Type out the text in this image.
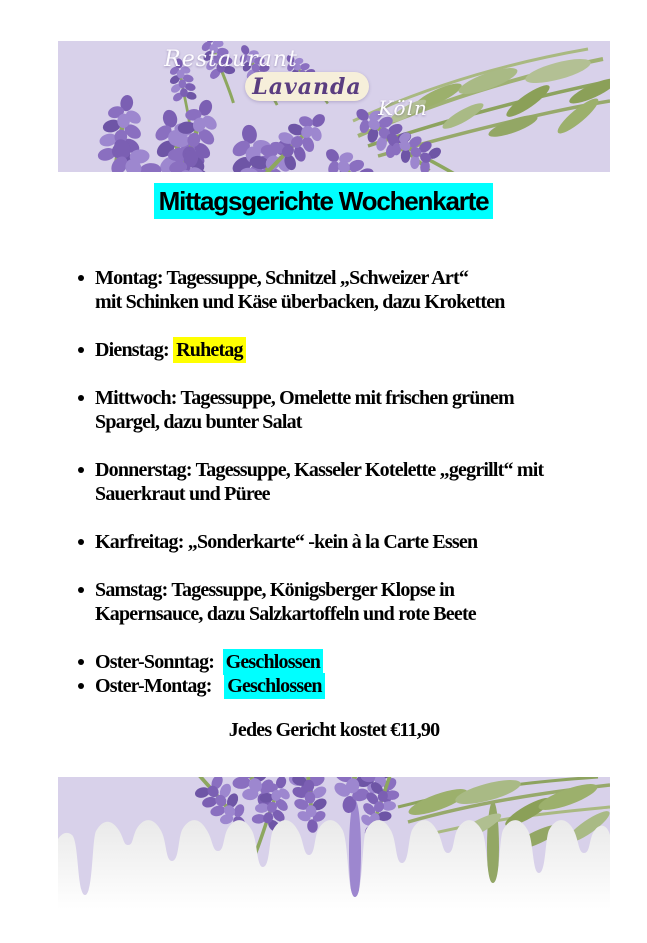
Restaurant
Lavanda
Köln
Mittagsgerichte Wochenkarte
Montag: Tagessuppe, Schnitzel „Schweizer Art“
mit Schinken und Käse überbacken, dazu Kroketten
Dienstag: Ruhetag
Mittwoch: Tagessuppe, Omelette mit frischen grünem
Spargel, dazu bunter Salat
Donnerstag: Tagessuppe, Kasseler Kotelette „gegrillt“ mit
Sauerkraut und Püree
Karfreitag: „Sonderkarte“ -kein à la Carte Essen
Samstag: Tagessuppe, Königsberger Klopse in
Kapernsauce, dazu Salzkartoffeln und rote Beete
Oster-Sonntag:  Geschlossen
Oster-Montag:   Geschlossen
Jedes Gericht kostet €11,90
